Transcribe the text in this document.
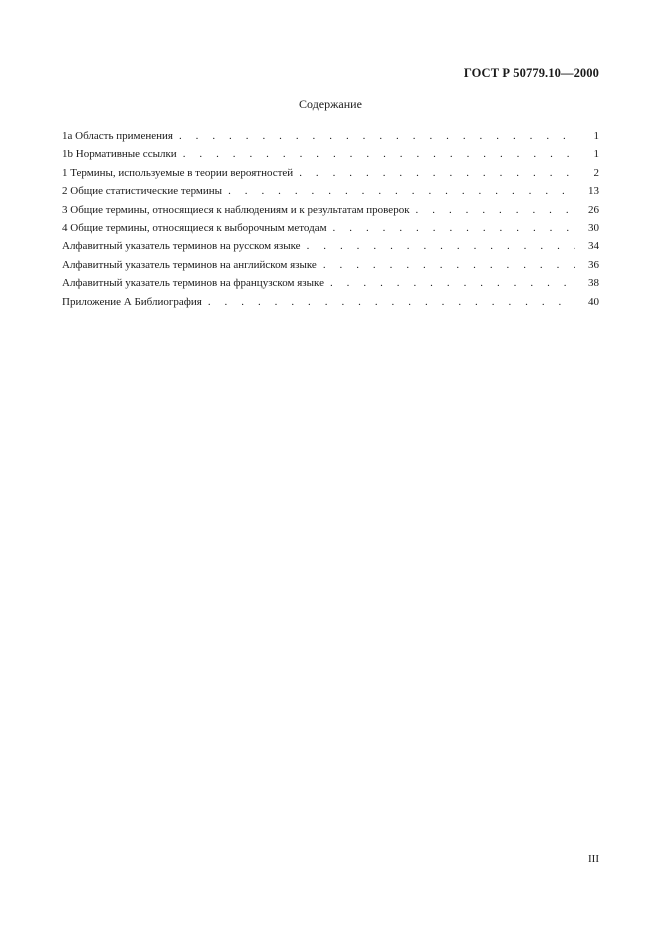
ГОСТ Р 50779.10—2000
Содержание
1а Область применения . . .	1
1b Нормативные ссылки . . .	1
1 Термины, используемые в теории вероятностей . . .	2
2 Общие статистические термины . . .	13
3 Общие термины, относящиеся к наблюдениям и к результатам проверок . . .	26
4 Общие термины, относящиеся к выборочным методам . . .	30
Алфавитный указатель терминов на русском языке . . .	34
Алфавитный указатель терминов на английском языке . . .	36
Алфавитный указатель терминов на французском языке . . .	38
Приложение А Библиография . . .	40
III
